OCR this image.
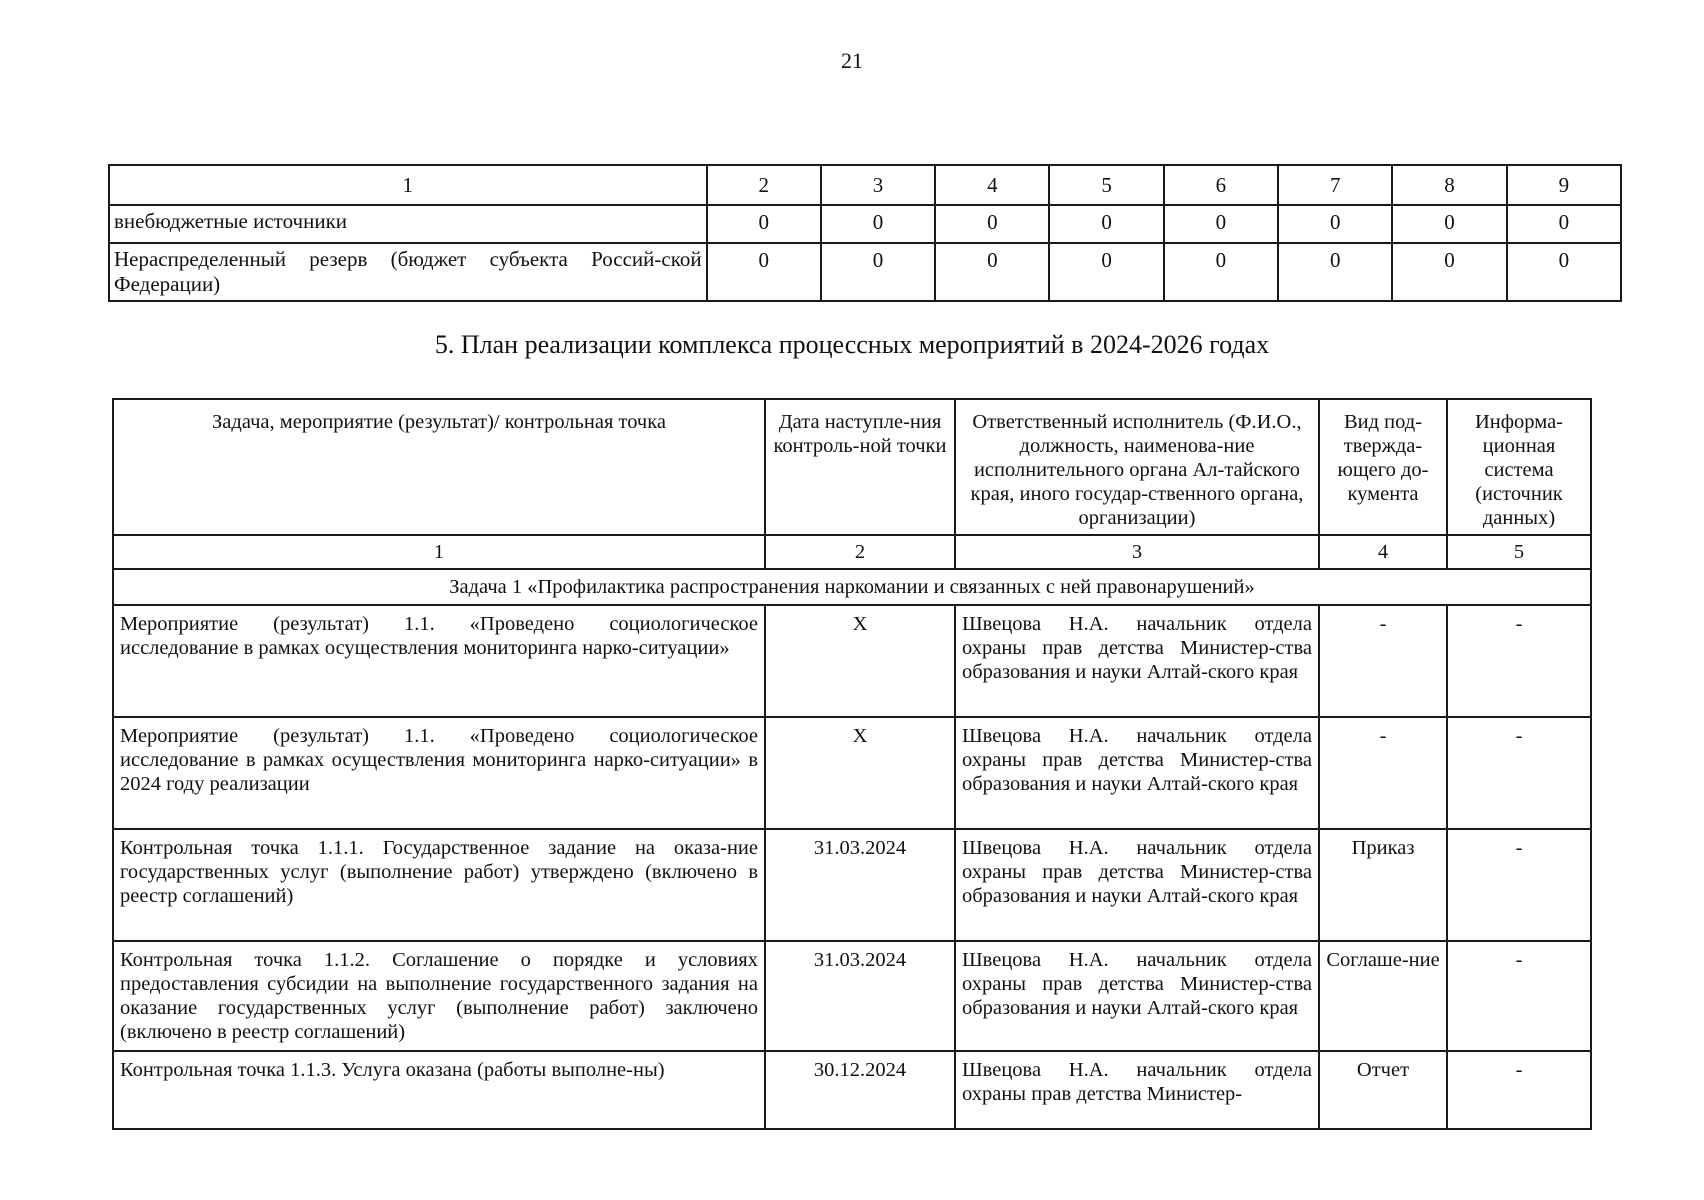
21
1	2	3	4	5	6	7	8	9
внебюджетные источники	0	0	0	0	0	0	0	0
Нераспределенный резерв (бюджет субъекта Россий-ской Федерации)	0	0	0	0	0	0	0	0
5. План реализации комплекса процессных мероприятий в 2024-2026 годах
Задача, мероприятие (результат)/ контрольная точка	Дата наступле-ния контроль-ной точки	Ответственный исполнитель (Ф.И.О., должность, наименова-ние исполнительного органа Ал-тайского края, иного государ-ственного органа, организации)	Вид под-тверждa-ющего до-кумента	Информа-ционная система (источник данных)
1	2	3	4	5
Задача 1 «Профилактика распространения наркомании и связанных с ней правонарушений»				
Мероприятие (результат) 1.1. «Проведено социологическое исследование в рамках осуществления мониторинга нарко-ситуации»	X	Швецова Н.А. начальник отдела охраны прав детства Министер-ства образования и науки Алтай-ского края	-	-
Мероприятие (результат) 1.1. «Проведено социологическое исследование в рамках осуществления мониторинга нарко-ситуации» в 2024 году реализации	X	Швецова Н.А. начальник отдела охраны прав детства Министер-ства образования и науки Алтай-ского края	-	-
Контрольная точка 1.1.1. Государственное задание на оказа-ние государственных услуг (выполнение работ) утверждено (включено в реестр соглашений)	31.03.2024	Швецова Н.А. начальник отдела охраны прав детства Министер-ства образования и науки Алтай-ского края	Приказ	-
Контрольная точка 1.1.2. Соглашение о порядке и условиях предоставления субсидии на выполнение государственного задания на оказание государственных услуг (выполнение работ) заключено (включено в реестр соглашений)	31.03.2024	Швецова Н.А. начальник отдела охраны прав детства Министер-ства образования и науки Алтай-ского края	Соглаше-ние	-
Контрольная точка 1.1.3. Услуга оказана (работы выполне-ны)	30.12.2024	Швецова Н.А. начальник отдела охраны прав детства Министер-	Отчет	-
